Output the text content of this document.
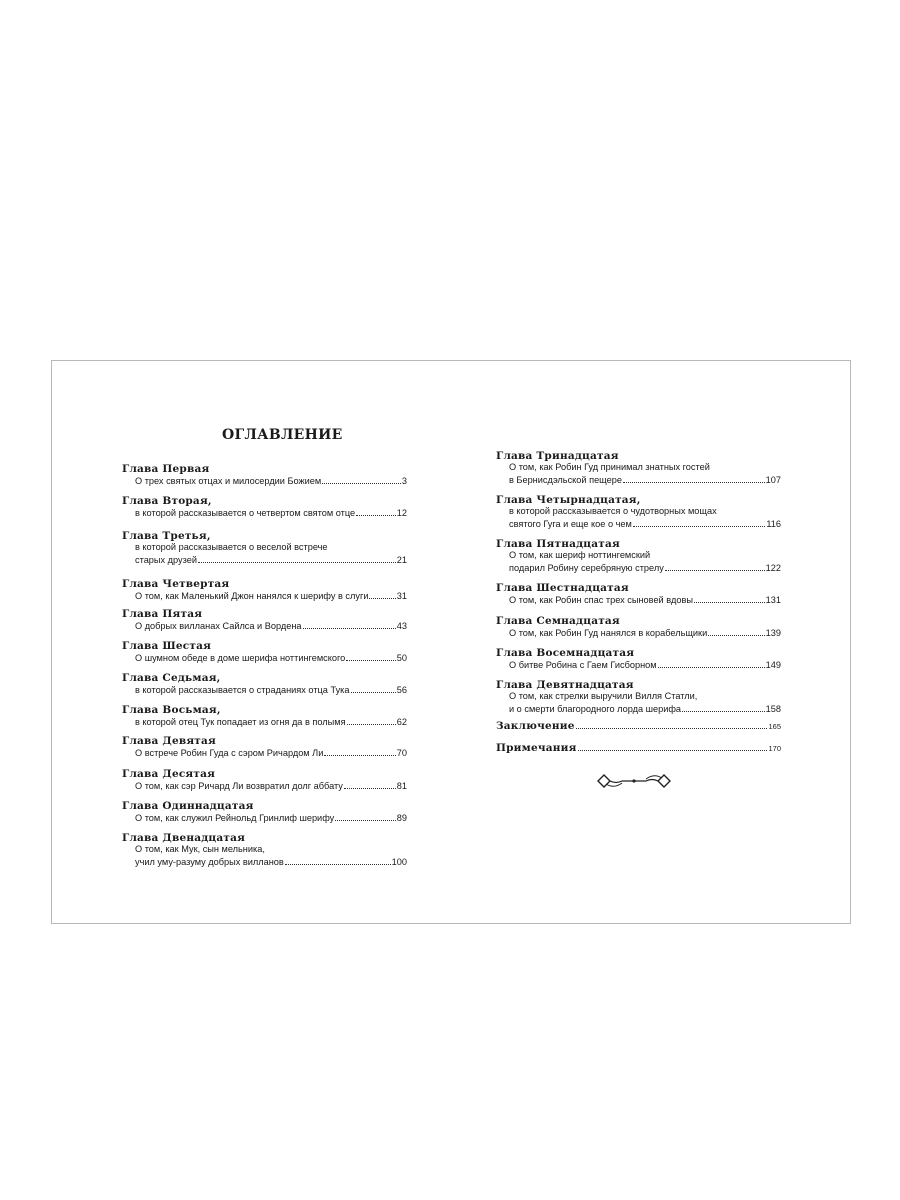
ОГЛАВЛЕНИЕ
Глава Первая
О трех святых отцах и милосердии Божием	3
Глава Вторая,
в которой рассказывается о четвертом святом отце	12
Глава Третья,
в которой рассказывается о веселой встрече
старых друзей	21
Глава Четвертая
О том, как Маленький Джон нанялся к шерифу в слуги	31
Глава Пятая
О добрых вилланах Сайлса и Вордена	43
Глава Шестая
О шумном обеде в доме шерифа ноттингемского	50
Глава Седьмая,
в которой рассказывается о страданиях отца Тука	56
Глава Восьмая,
в которой отец Тук попадает из огня да в полымя	62
Глава Девятая
О встрече Робин Гуда с сэром Ричардом Ли	70
Глава Десятая
О том, как сэр Ричард Ли возвратил долг аббату	81
Глава Одиннадцатая
О том, как служил Рейнольд Гринлиф шерифу	89
Глава Двенадцатая
О том, как Мук, сын мельника,
учил уму-разуму добрых вилланов	100
Глава Тринадцатая
О том, как Робин Гуд принимал знатных гостей
в Бернисдэльской пещере	107
Глава Четырнадцатая,
в которой рассказывается о чудотворных мощах
святого Гуга и еще кое о чем	116
Глава Пятнадцатая
О том, как шериф ноттингемский
подарил Робину серебряную стрелу	122
Глава Шестнадцатая
О том, как Робин спас трех сыновей вдовы	131
Глава Семнадцатая
О том, как Робин Гуд нанялся в корабельщики	139
Глава Восемнадцатая
О битве Робина с Гаем Гисборном	149
Глава Девятнадцатая
О том, как стрелки выручили Вилля Статли,
и о смерти благородного лорда шерифа	158
Заключение	165
Примечания	170
